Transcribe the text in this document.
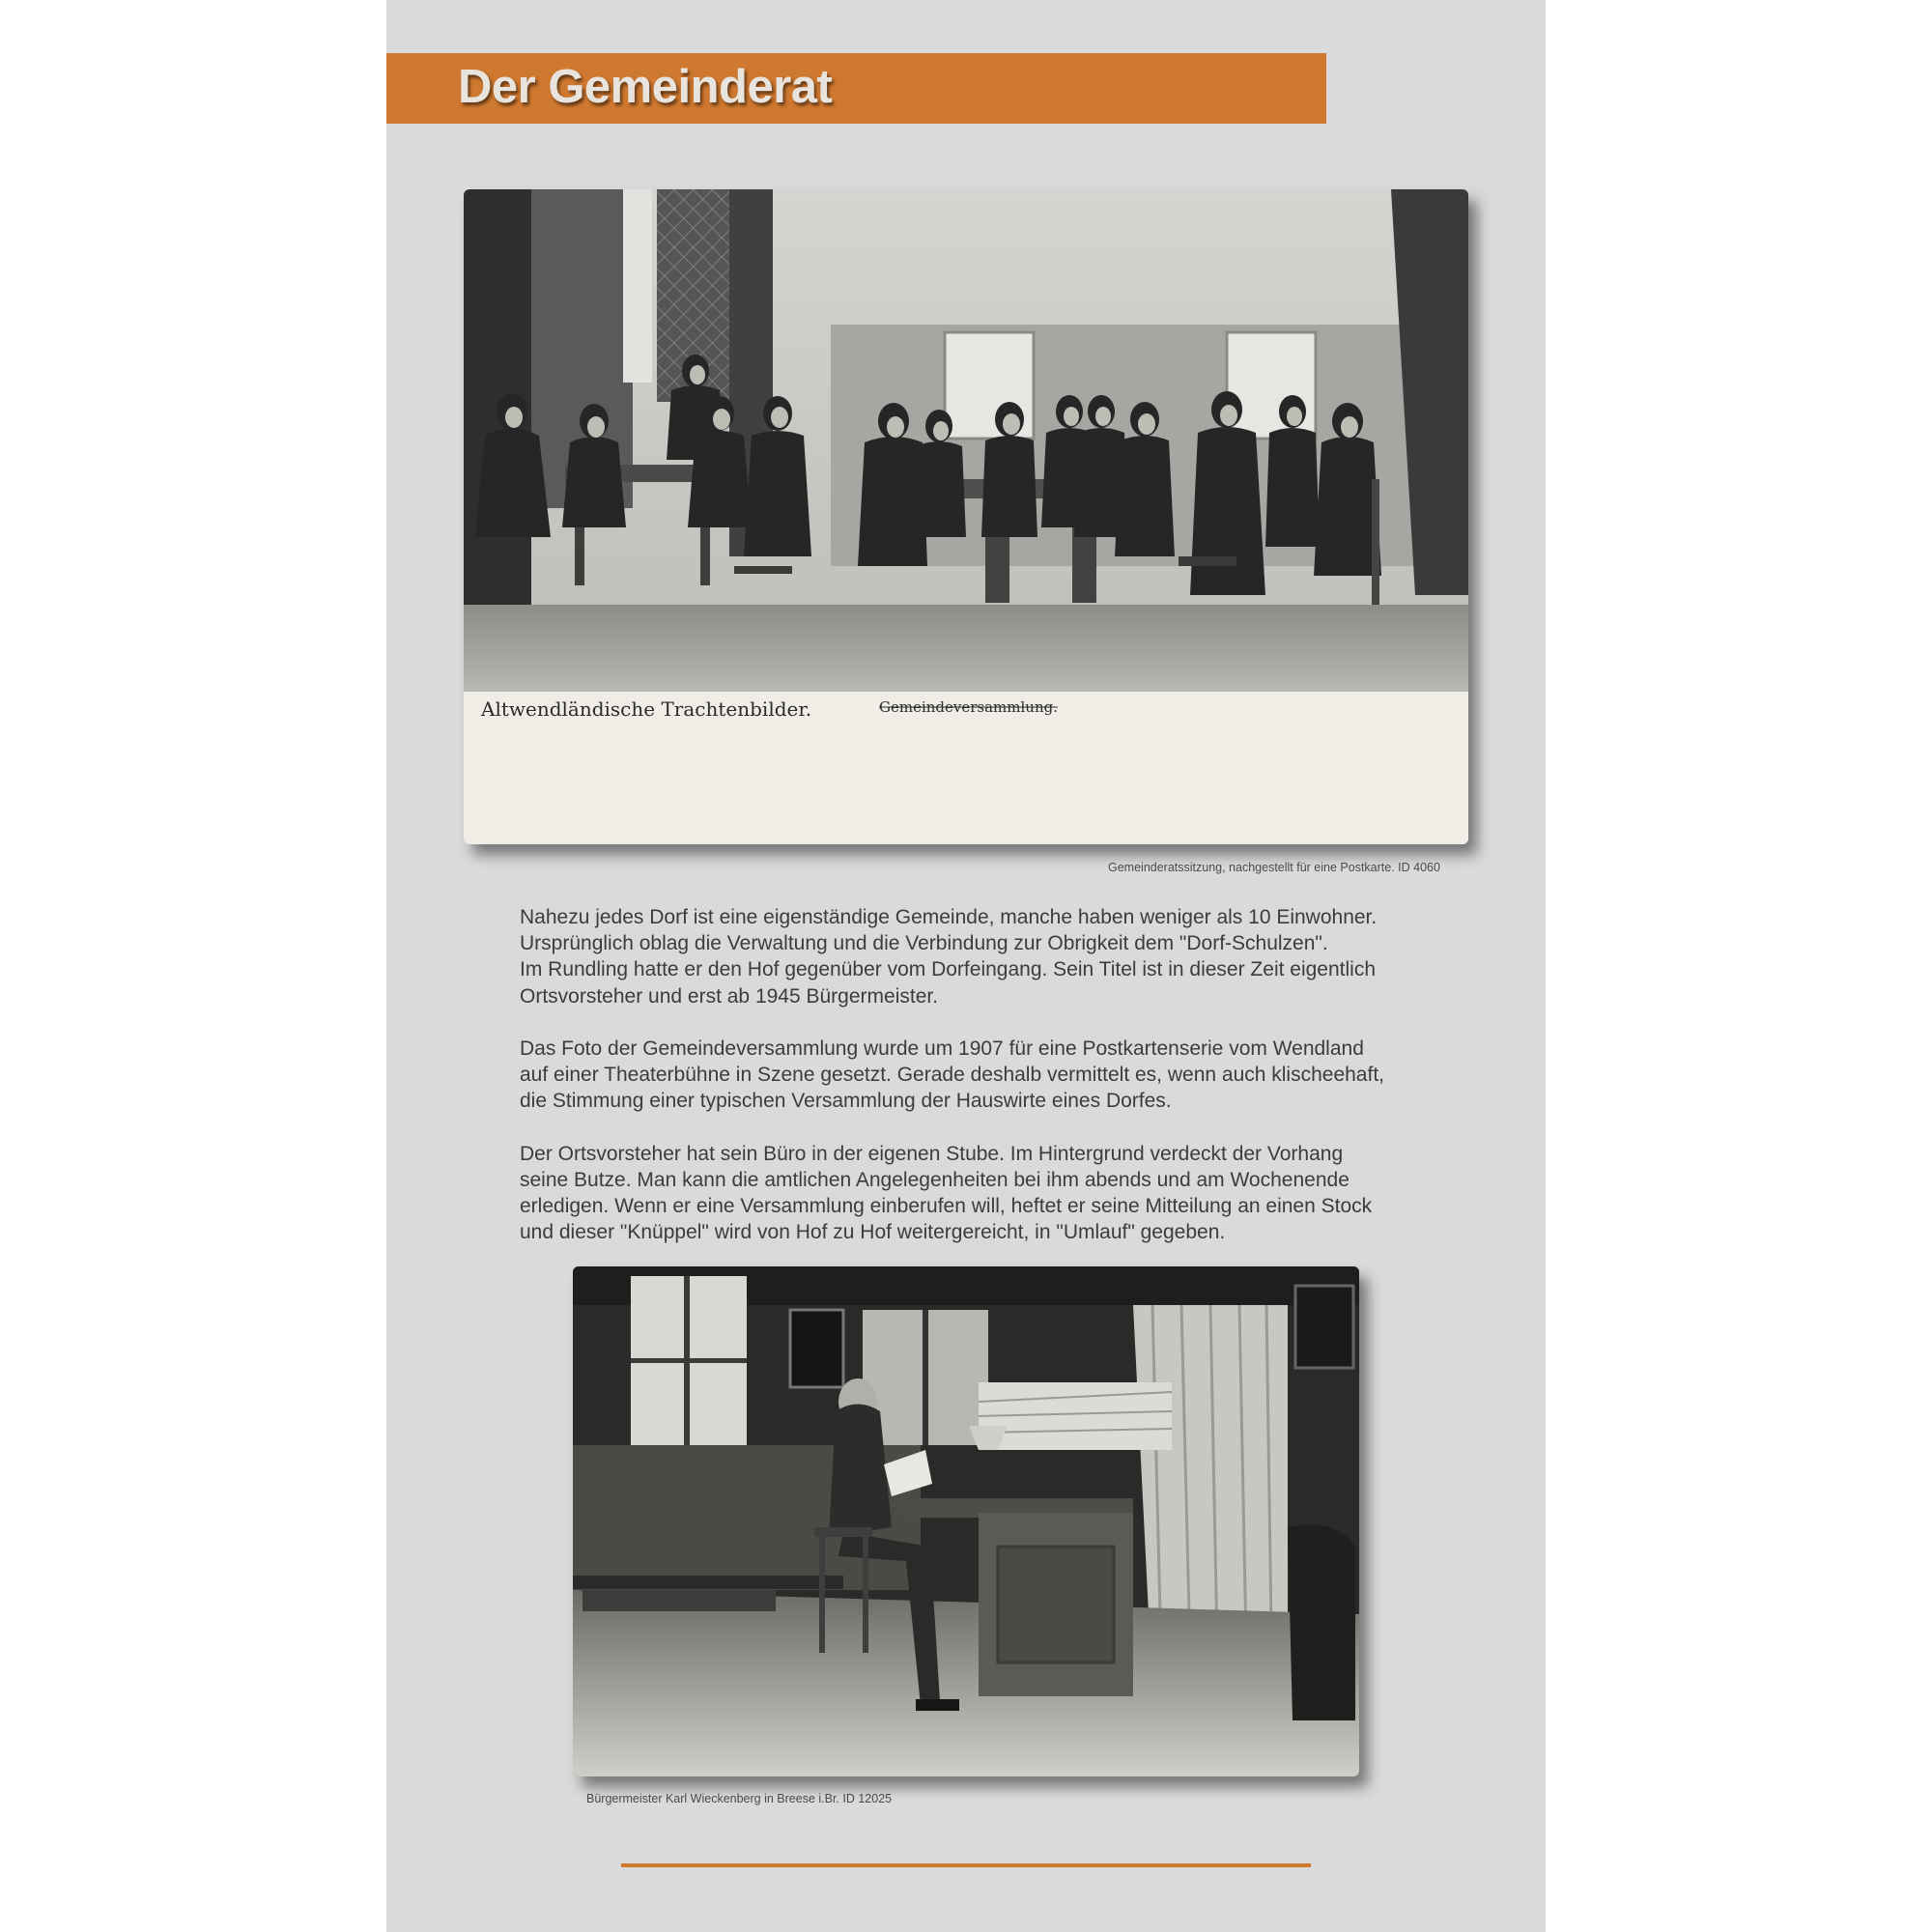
Der Gemeinderat
Altwendländische Trachtenbilder.	Gemeindeversammlung.

Gemeinderatssitzung, nachgestellt für eine Postkarte. ID 4060

Nahezu jedes Dorf ist eine eigenständige Gemeinde, manche haben weniger als 10 Einwohner.
Ursprünglich oblag die Verwaltung und die Verbindung zur Obrigkeit dem "Dorf-Schulzen".
Im Rundling hatte er den Hof gegenüber vom Dorfeingang. Sein Titel ist in dieser Zeit eigentlich
Ortsvorsteher und erst ab 1945 Bürgermeister.

Das Foto der Gemeindeversammlung wurde um 1907 für eine Postkartenserie vom Wendland
auf einer Theaterbühne in Szene gesetzt. Gerade deshalb vermittelt es, wenn auch klischeehaft,
die Stimmung einer typischen Versammlung der Hauswirte eines Dorfes.

Der Ortsvorsteher hat sein Büro in der eigenen Stube. Im Hintergrund verdeckt der Vorhang
seine Butze. Man kann die amtlichen Angelegenheiten bei ihm abends und am Wochenende
erledigen. Wenn er eine Versammlung einberufen will, heftet er seine Mitteilung an einen Stock
und dieser "Knüppel" wird von Hof zu Hof weitergereicht, in "Umlauf" gegeben.

Bürgermeister Karl Wieckenberg in Breese i.Br. ID 12025
